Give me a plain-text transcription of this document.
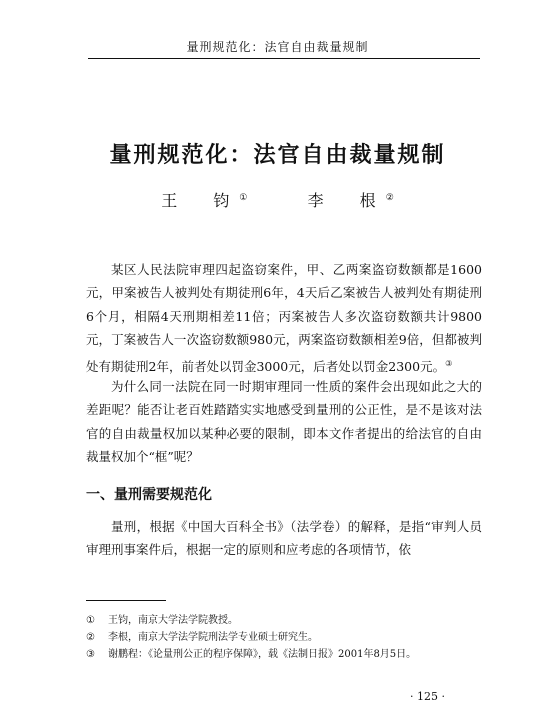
量刑规范化：法官自由裁量规制
量刑规范化：法官自由裁量规制
王　钧①	李　根②

某区人民法院审理四起盗窃案件，甲、乙两案盗窃数额都是1600元，甲案被告人被判处有期徒刑6年，4天后乙案被告人被判处有期徒刑6个月，相隔4天刑期相差11倍；丙案被告人多次盗窃数额共计9800元，丁案被告人一次盗窃数额980元，两案盗窃数额相差9倍，但都被判处有期徒刑2年，前者处以罚金3000元，后者处以罚金2300元。③

为什么同一法院在同一时期审理同一性质的案件会出现如此之大的差距呢？能否让老百姓踏踏实实地感受到量刑的公正性，是不是该对法官的自由裁量权加以某种必要的限制，即本文作者提出的给法官的自由裁量权加个“框”呢？

一、量刑需要规范化

量刑，根据《中国大百科全书》（法学卷）的解释，是指“审判人员审理刑事案件后，根据一定的原则和应考虑的各项情节，依

① 王钧，南京大学法学院教授。

② 李根，南京大学法学院刑法学专业硕士研究生。

③ 谢鹏程：《论量刑公正的程序保障》，载《法制日报》2001年8月5日。

· 125 ·
